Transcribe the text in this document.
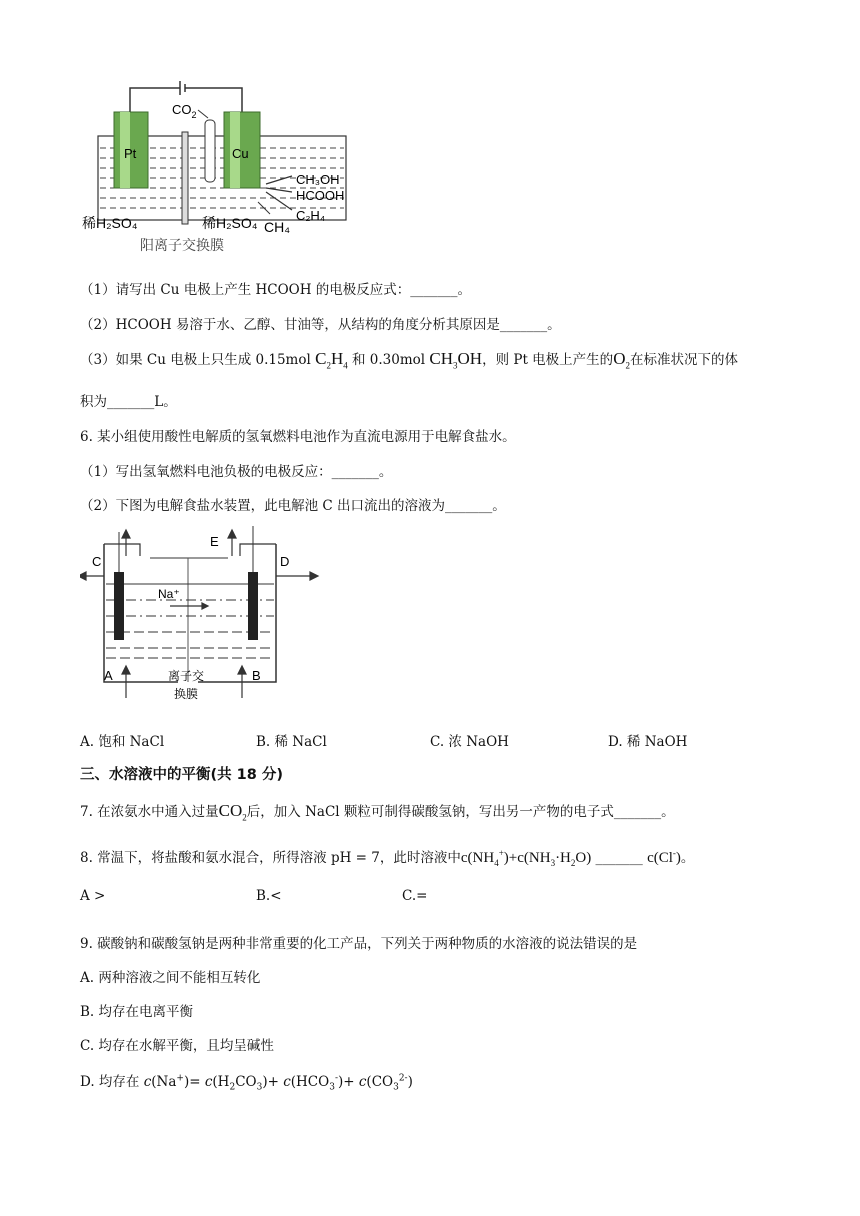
Pt	Cu
$CO_2$
CH₃OH
HCOOH
C₂H₄
稀H₂SO₄	稀H₂SO₄ CH₄
阳离子交换膜
（1）请写出 Cu 电极上产生 HCOOH 的电极反应式：_______。
（2）HCOOH 易溶于水、乙醇、甘油等，从结构的角度分析其原因是_______。
（3）如果 Cu 电极上只生成 0.15mol $C_2H_4$ 和 0.30mol $CH_3OH$，则 Pt 电极上产生的$O_2$在标准状况下的体
积为_______L。
6. 某小组使用酸性电解质的氢氧燃料电池作为直流电源用于电解食盐水。
（1）写出氢氧燃料电池负极的电极反应：_______。
（2）下图为电解食盐水装置，此电解池 C 出口流出的溶液为_______。
C	D
E
A	B
Na⁺
离子交
换膜
A. 饱和 NaCl	B. 稀 NaCl	C. 浓 NaOH	D. 稀 NaOH
三、水溶液中的平衡(共 18 分)
7. 在浓氨水中通入过量$CO_2$后，加入 NaCl 颗粒可制得碳酸氢钠，写出另一产物的电子式_______。
8. 常温下，将盐酸和氨水混合，所得溶液 pH = 7，此时溶液中$c(NH_4^+)+c(NH_3\cdot H_2O)$ _______ c(Cl-)。
A >	B.<	C.=
9. 碳酸钠和碳酸氢钠是两种非常重要的化工产品，下列关于两种物质的水溶液的说法错误的是
A. 两种溶液之间不能相互转化
B. 均存在电离平衡
C. 均存在水解平衡，且均呈碱性
D. 均存在 $c(Na^+)= c(H_2CO_3)+ c(HCO_3^-)+ c(CO_3^{2-})$
